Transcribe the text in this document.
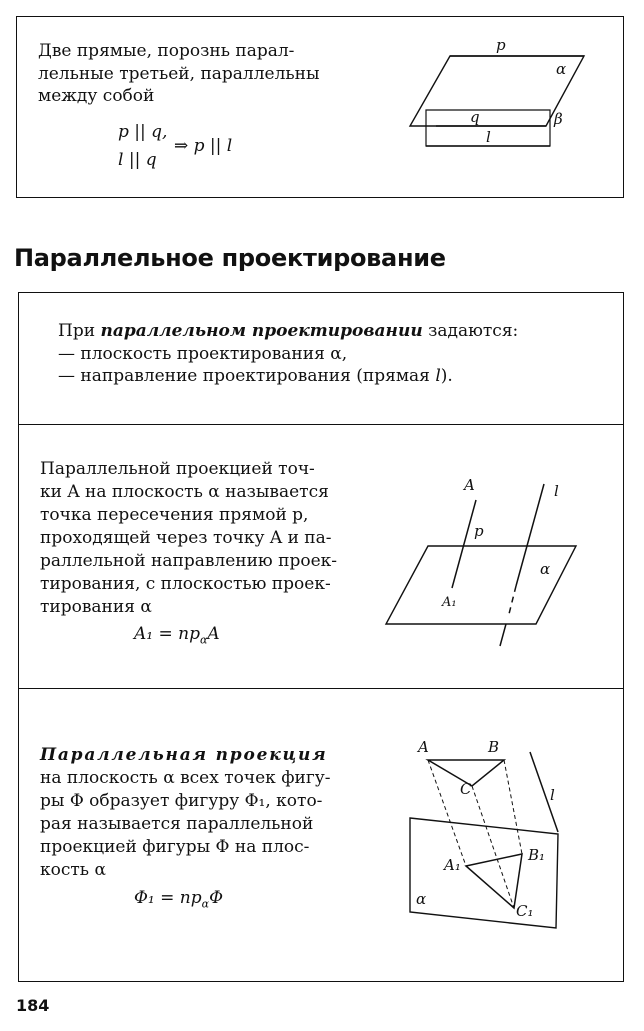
Две прямые, порознь парал-
лельные третьей, параллельны
между собой
p || q,
l || q
⇒ p || l
p
α
q	β
l
Параллельное проектирование
При параллельном проектировании задаются:
— плоскость проектирования α,
— направление проектирования (прямая l).
Параллельной проекцией точ-
ки A на плоскость α называется
точка пересечения прямой p,
проходящей через точку A и па-
раллельной направлению проек-
тирования, с плоскостью проек-
тирования α
$A_1 = пр_\alpha A$
A	l
p
α
A₁
Параллельная проекция
на плоскость α всех точек фигу-
ры Φ образует фигуру Φ₁, кото-
рая называется параллельной
проекцией фигуры Φ на плос-
кость α
$\Phi_1 = пр_\alpha\Phi$
A	B
C	l
A₁
B₁
C₁
α
184
